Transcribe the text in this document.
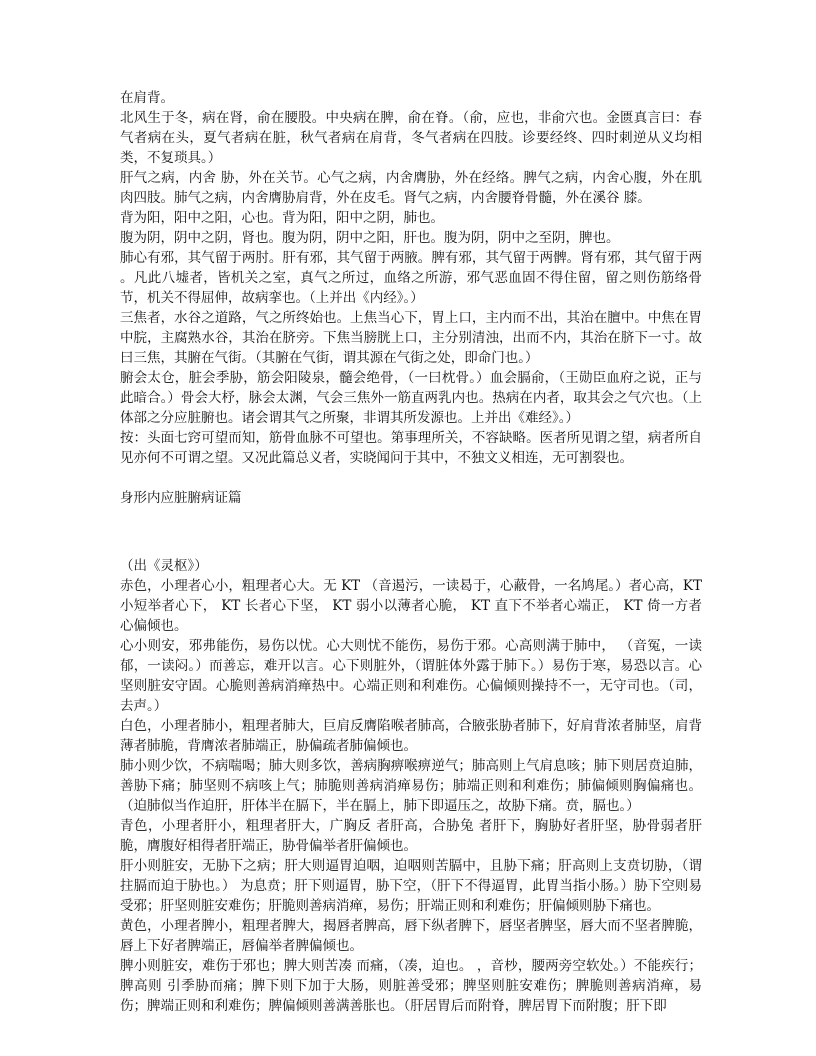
在肩背。

北风生于冬，病在肾，俞在腰股。中央病在脾，俞在脊。（俞，应也，非俞穴也。金匮真言曰：春气者病在头，夏气者病在脏，秋气者病在肩背，冬气者病在四肢。诊要经终、四时刺逆从义均相类，不复琐具。）

肝气之病，内舍 胁，外在关节。心气之病，内舍膺胁，外在经络。脾气之病，内舍心腹，外在肌肉四肢。肺气之病，内舍膺胁肩背，外在皮毛。肾气之病，内舍腰脊骨髓，外在溪谷 膝。

背为阳，阳中之阳，心也。背为阳，阳中之阴，肺也。

腹为阴，阴中之阴，肾也。腹为阴，阴中之阳，肝也。腹为阴，阴中之至阴，脾也。

肺心有邪，其气留于两肘。肝有邪，其气留于两腋。脾有邪，其气留于两髀。肾有邪，其气留于两 。凡此八墟者，皆机关之室，真气之所过，血络之所游，邪气恶血固不得住留，留之则伤筋络骨节，机关不得屈伸，故病挛也。（上并出《内经》。）

三焦者，水谷之道路，气之所终始也。上焦当心下，胃上口，主内而不出，其治在膻中。中焦在胃中脘，主腐熟水谷，其治在脐旁。下焦当膀胱上口，主分别清浊，出而不内，其治在脐下一寸。故曰三焦，其腑在气街。（其腑在气街，谓其源在气街之处，即命门也。）

腑会太仓，脏会季胁，筋会阳陵泉，髓会绝骨，（一曰枕骨。）血会膈俞，（王勋臣血府之说，正与此暗合。）骨会大杼，脉会太渊，气会三焦外一筋直两乳内也。热病在内者，取其会之气穴也。（上体部之分应脏腑也。诸会谓其气之所聚，非谓其所发源也。上并出《难经》。）

按：头面七窍可望而知，筋骨血脉不可望也。第事理所关，不容缺略。医者所见谓之望，病者所自见亦何不可谓之望。又况此篇总义者，实晓闻问于其中，不独文义相连，无可割裂也。

身形内应脏腑病证篇

（出《灵枢》）

赤色，小理者心小，粗理者心大。无 KT （音遏污，一读曷于，心蔽骨，一名鸠尾。）者心高，KT 小短举者心下， KT 长者心下坚， KT 弱小以薄者心脆， KT 直下不举者心端正， KT 倚一方者心偏倾也。

心小则安，邪弗能伤，易伤以忧。心大则忧不能伤，易伤于邪。心高则满于肺中， （音冤，一读郁，一读闷。）而善忘，难开以言。心下则脏外，（谓脏体外露于肺下。）易伤于寒，易恐以言。心坚则脏安守固。心脆则善病消瘅热中。心端正则和利难伤。心偏倾则操持不一，无守司也。（司，去声。）

白色，小理者肺小，粗理者肺大，巨肩反膺陷喉者肺高，合腋张胁者肺下，好肩背浓者肺坚，肩背薄者肺脆，背膺浓者肺端正，胁偏疏者肺偏倾也。

肺小则少饮，不病喘喝；肺大则多饮，善病胸痹喉痹逆气；肺高则上气肩息咳；肺下则居贲迫肺，善胁下痛；肺坚则不病咳上气；肺脆则善病消瘅易伤；肺端正则和利难伤；肺偏倾则胸偏痛也。（迫肺似当作迫肝，肝体半在膈下，半在膈上，肺下即逼压之，故胁下痛。贲，膈也。）

青色，小理者肝小，粗理者肝大，广胸反 者肝高，合胁兔 者肝下，胸胁好者肝坚，胁骨弱者肝脆，膺腹好相得者肝端正，胁骨偏举者肝偏倾也。

肝小则脏安，无胁下之病；肝大则逼胃迫咽，迫咽则苦膈中，且胁下痛；肝高则上支贲切胁，（谓拄膈而迫于胁也。） 为息贲；肝下则逼胃，胁下空，（肝下不得逼胃，此胃当指小肠。）胁下空则易受邪；肝坚则脏安难伤；肝脆则善病消瘅，易伤；肝端正则和利难伤；肝偏倾则胁下痛也。

黄色，小理者脾小，粗理者脾大，揭唇者脾高，唇下纵者脾下，唇坚者脾坚，唇大而不坚者脾脆，唇上下好者脾端正，唇偏举者脾偏倾也。

脾小则脏安，难伤于邪也；脾大则苦凑 而痛，（凑，迫也。 ，音杪，腰两旁空软处。）不能疾行；脾高则 引季胁而痛；脾下则下加于大肠，则脏善受邪；脾坚则脏安难伤；脾脆则善病消瘅，易伤；脾端正则和利难伤；脾偏倾则善满善胀也。（肝居胃后而附脊，脾居胃下而附腹；肝下即
